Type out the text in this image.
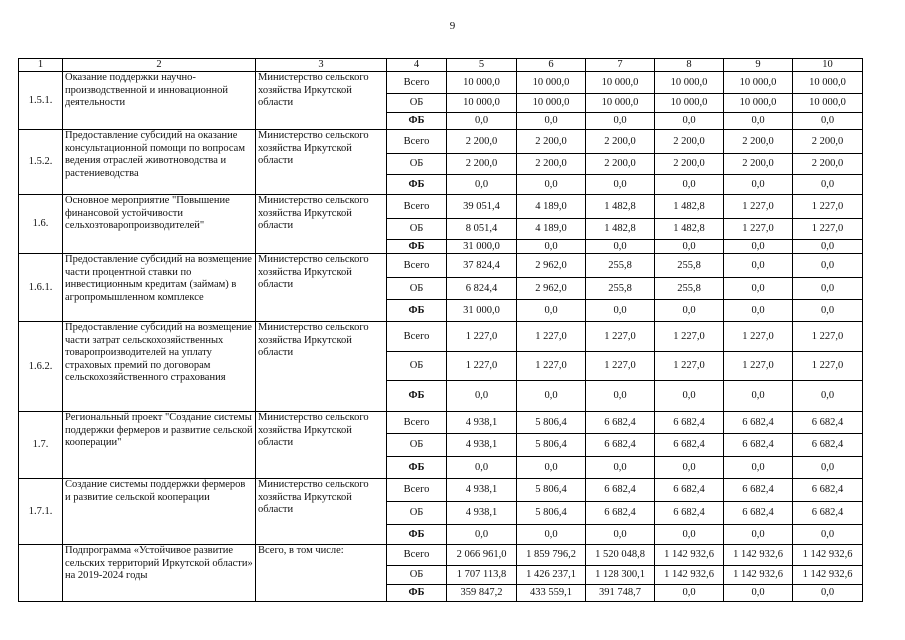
9
1	2	3	4	5	6	7	8	9	10
1.5.1.	Оказание поддержки научно-производственной и инновационной деятельности	Министерство сельского хозяйства Иркутской области	Всего	10 000,0	10 000,0	10 000,0	10 000,0	10 000,0	10 000,0
			ОБ	10 000,0	10 000,0	10 000,0	10 000,0	10 000,0	10 000,0
			ФБ	0,0	0,0	0,0	0,0	0,0	0,0
1.5.2.	Предоставление субсидий на оказание консультационной помощи по вопросам ведения отраслей животноводства и растениеводства	Министерство сельского хозяйства Иркутской области	Всего	2 200,0	2 200,0	2 200,0	2 200,0	2 200,0	2 200,0
			ОБ	2 200,0	2 200,0	2 200,0	2 200,0	2 200,0	2 200,0
			ФБ	0,0	0,0	0,0	0,0	0,0	0,0
1.6.	Основное мероприятие "Повышение финансовой устойчивости сельхозтоваропроизводителей"	Министерство сельского хозяйства Иркутской области	Всего	39 051,4	4 189,0	1 482,8	1 482,8	1 227,0	1 227,0
			ОБ	8 051,4	4 189,0	1 482,8	1 482,8	1 227,0	1 227,0
			ФБ	31 000,0	0,0	0,0	0,0	0,0	0,0
1.6.1.	Предоставление субсидий на возмещение части процентной ставки по инвестиционным кредитам (займам) в агропромышленном комплексе	Министерство сельского хозяйства Иркутской области	Всего	37 824,4	2 962,0	255,8	255,8	0,0	0,0
			ОБ	6 824,4	2 962,0	255,8	255,8	0,0	0,0
			ФБ	31 000,0	0,0	0,0	0,0	0,0	0,0
1.6.2.	Предоставление субсидий на возмещение части затрат сельскохозяйственных товаропроизводителей на уплату страховых премий по договорам сельскохозяйственного страхования	Министерство сельского хозяйства Иркутской области	Всего	1 227,0	1 227,0	1 227,0	1 227,0	1 227,0	1 227,0
			ОБ	1 227,0	1 227,0	1 227,0	1 227,0	1 227,0	1 227,0
			ФБ	0,0	0,0	0,0	0,0	0,0	0,0
1.7.	Региональный проект "Создание системы поддержки фермеров и развитие сельской кооперации"	Министерство сельского хозяйства Иркутской области	Всего	4 938,1	5 806,4	6 682,4	6 682,4	6 682,4	6 682,4
			ОБ	4 938,1	5 806,4	6 682,4	6 682,4	6 682,4	6 682,4
			ФБ	0,0	0,0	0,0	0,0	0,0	0,0
1.7.1.	Создание системы поддержки фермеров и развитие сельской кооперации	Министерство сельского хозяйства Иркутской области	Всего	4 938,1	5 806,4	6 682,4	6 682,4	6 682,4	6 682,4
			ОБ	4 938,1	5 806,4	6 682,4	6 682,4	6 682,4	6 682,4
			ФБ	0,0	0,0	0,0	0,0	0,0	0,0
	Подпрограмма «Устойчивое развитие сельских территорий Иркутской области» на 2019-2024 годы	Всего, в том числе:	Всего	2 066 961,0	1 859 796,2	1 520 048,8	1 142 932,6	1 142 932,6	1 142 932,6
			ОБ	1 707 113,8	1 426 237,1	1 128 300,1	1 142 932,6	1 142 932,6	1 142 932,6
			ФБ	359 847,2	433 559,1	391 748,7	0,0	0,0	0,0
